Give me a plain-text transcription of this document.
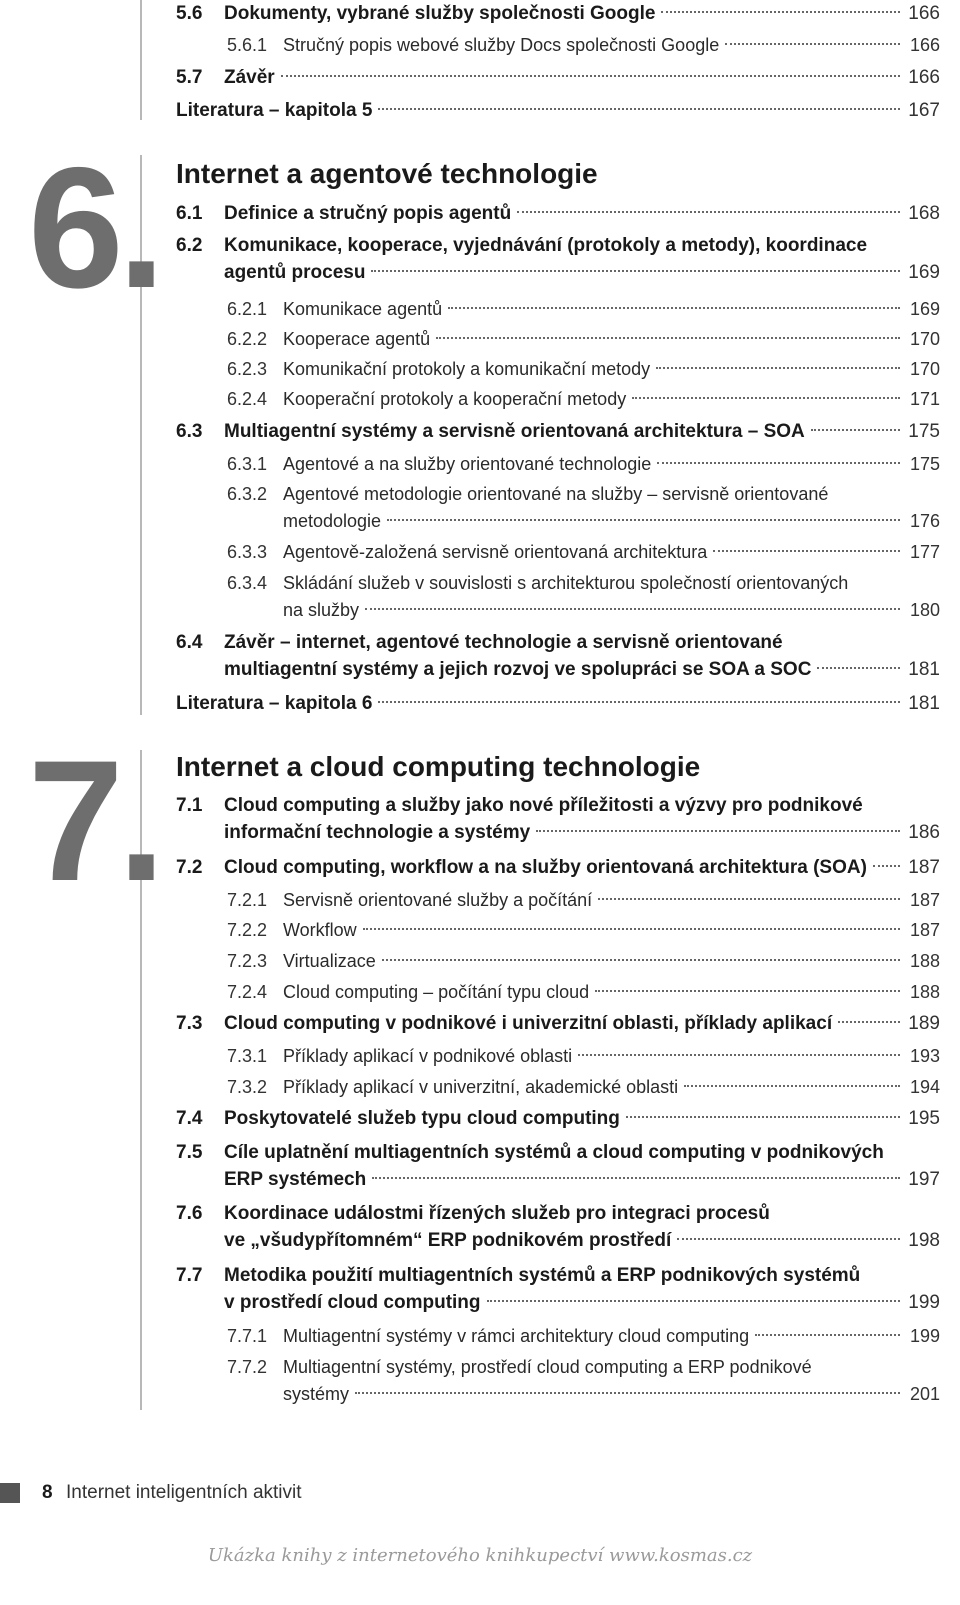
6.
7.
5.6	Dokumenty, vybrané služby společnosti Google	166
5.6.1 Stručný popis webové služby Docs společnosti Google	166
5.7	Závěr	166
Literatura – kapitola 5	167
Internet a agentové technologie
6.1	Definice a stručný popis agentů	168
6.2	Komunikace, kooperace, vyjednávání (protokoly a metody), koordinace
agentů procesu	169
6.2.1 Komunikace agentů	169
6.2.2 Kooperace agentů	170
6.2.3 Komunikační protokoly a komunikační metody	170
6.2.4 Kooperační protokoly a kooperační metody	171
6.3	Multiagentní systémy a servisně orientovaná architektura – SOA	175
6.3.1 Agentové a na služby orientované technologie	175
6.3.2 Agentové metodologie orientované na služby – servisně orientované
metodologie	176
6.3.3 Agentově-založená servisně orientovaná architektura	177
6.3.4 Skládání služeb v souvislosti s architekturou společností orientovaných
na služby	180
6.4	Závěr – internet, agentové technologie a servisně orientované
multiagentní systémy a jejich rozvoj ve spolupráci se SOA a SOC	181
Literatura – kapitola 6	181
Internet a cloud computing technologie
7.1	Cloud computing a služby jako nové příležitosti a výzvy pro podnikové
informační technologie a systémy	186
7.2	Cloud computing, workflow a na služby orientovaná architektura (SOA) 187
7.2.1 Servisně orientované služby a počítání	187
7.2.2 Workflow	187
7.2.3 Virtualizace	188
7.2.4 Cloud computing – počítání typu cloud	188
7.3	Cloud computing v podnikové i univerzitní oblasti, příklady aplikací	189
7.3.1 Příklady aplikací v podnikové oblasti	193
7.3.2 Příklady aplikací v univerzitní, akademické oblasti	194
7.4	Poskytovatelé služeb typu cloud computing	195
7.5	Cíle uplatnění multiagentních systémů a cloud computing v podnikových
ERP systémech	197
7.6	Koordinace událostmi řízených služeb pro integraci procesů
ve „všudypřítomném“ ERP podnikovém prostředí	198
7.7	Metodika použití multiagentních systémů a ERP podnikových systémů
v prostředí cloud computing	199
7.7.1 Multiagentní systémy v rámci architektury cloud computing	199
7.7.2 Multiagentní systémy, prostředí cloud computing a ERP podnikové
systémy	201
8 Internet inteligentních aktivit
Ukázka knihy z internetového knihkupectví www.kosmas.cz
